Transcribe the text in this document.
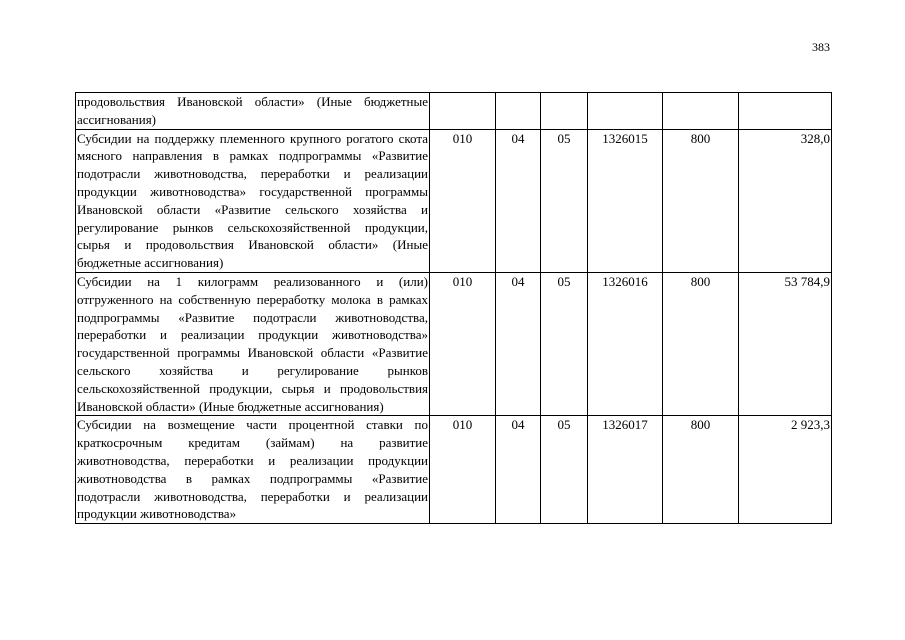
383
продовольствия Ивановской области» (Иные бюджетные ассигнования)						
Субсидии на поддержку племенного крупного рогатого скота мясного направления в рамках подпрограммы «Развитие подотрасли животноводства, переработки и реализации продукции животноводства» государственной программы Ивановской области «Развитие сельского хозяйства и регулирование рынков сельскохозяйственной продукции, сырья и продовольствия Ивановской области» (Иные бюджетные ассигнования)	010	04	05	1326015	800	328,0
Субсидии на 1 килограмм реализованного и (или) отгруженного на собственную переработку молока в рамках подпрограммы «Развитие подотрасли животноводства, переработки и реализации продукции животноводства» государственной программы Ивановской области «Развитие сельского хозяйства и регулирование рынков сельскохозяйственной продукции, сырья и продовольствия Ивановской области» (Иные бюджетные ассигнования)	010	04	05	1326016	800	53 784,9
Субсидии на возмещение части процентной ставки по краткосрочным кредитам (займам) на развитие животноводства, переработки и реализации продукции животноводства в рамках подпрограммы «Развитие подотрасли животноводства, переработки и реализации продукции животноводства»	010	04	05	1326017	800	2 923,3
